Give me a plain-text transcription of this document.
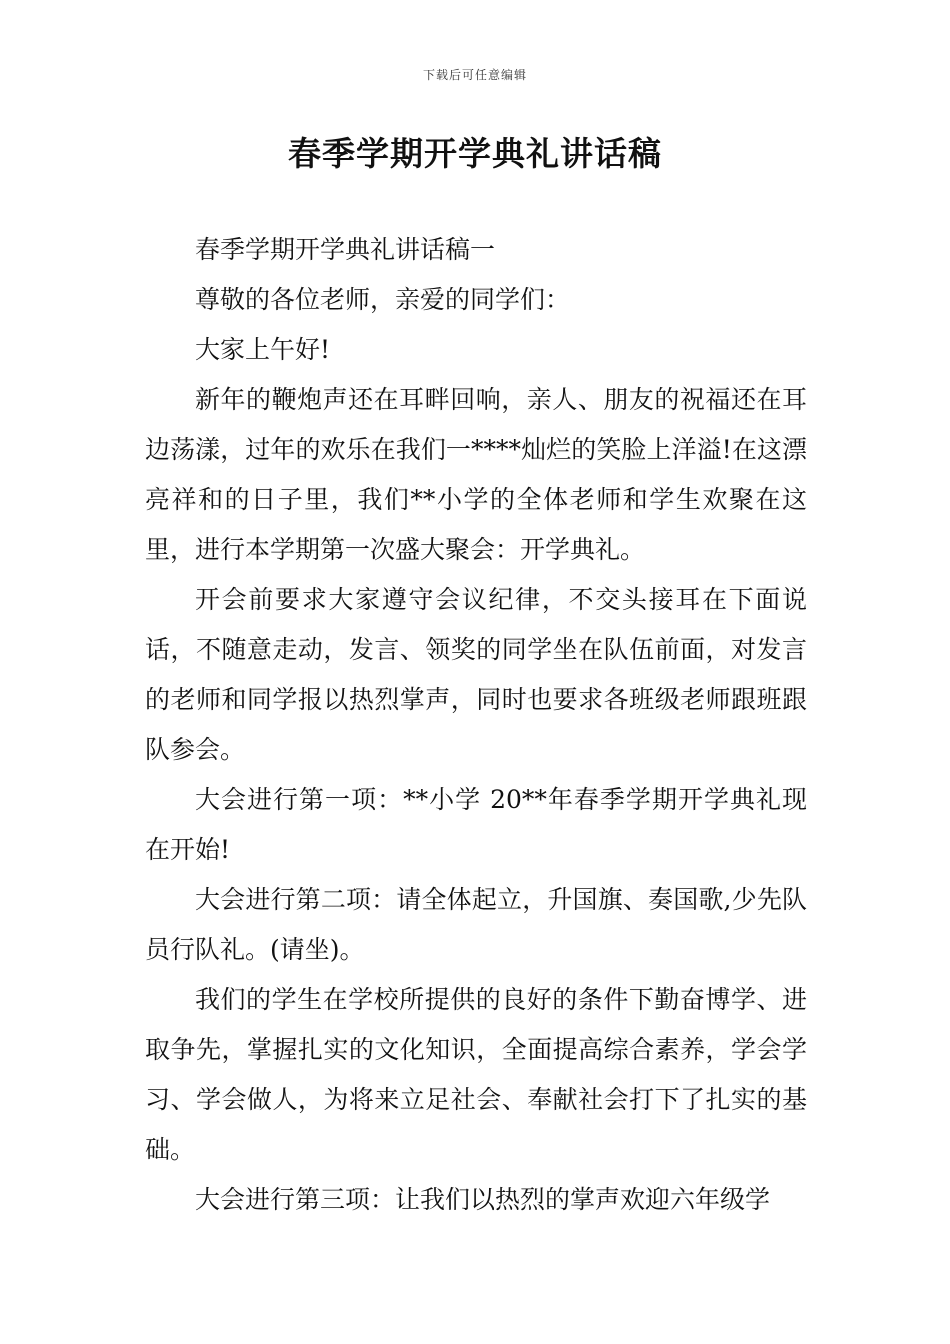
下载后可任意编辑
春季学期开学典礼讲话稿

春季学期开学典礼讲话稿一

尊敬的各位老师，亲爱的同学们：

大家上午好!

新年的鞭炮声还在耳畔回响，亲人、朋友的祝福还在耳边荡漾，过年的欢乐在我们一****灿烂的笑脸上洋溢!在这漂亮祥和的日子里，我们**小学的全体老师和学生欢聚在这里，进行本学期第一次盛大聚会：开学典礼。

开会前要求大家遵守会议纪律，不交头接耳在下面说话，不随意走动，发言、领奖的同学坐在队伍前面，对发言的老师和同学报以热烈掌声，同时也要求各班级老师跟班跟队参会。

大会进行第一项：**小学 20**年春季学期开学典礼现在开始!

大会进行第二项：请全体起立，升国旗、奏国歌,少先队员行队礼。(请坐)。

我们的学生在学校所提供的良好的条件下勤奋博学、进取争先，掌握扎实的文化知识，全面提高综合素养，学会学习、学会做人，为将来立足社会、奉献社会打下了扎实的基础。

大会进行第三项：让我们以热烈的掌声欢迎六年级学
